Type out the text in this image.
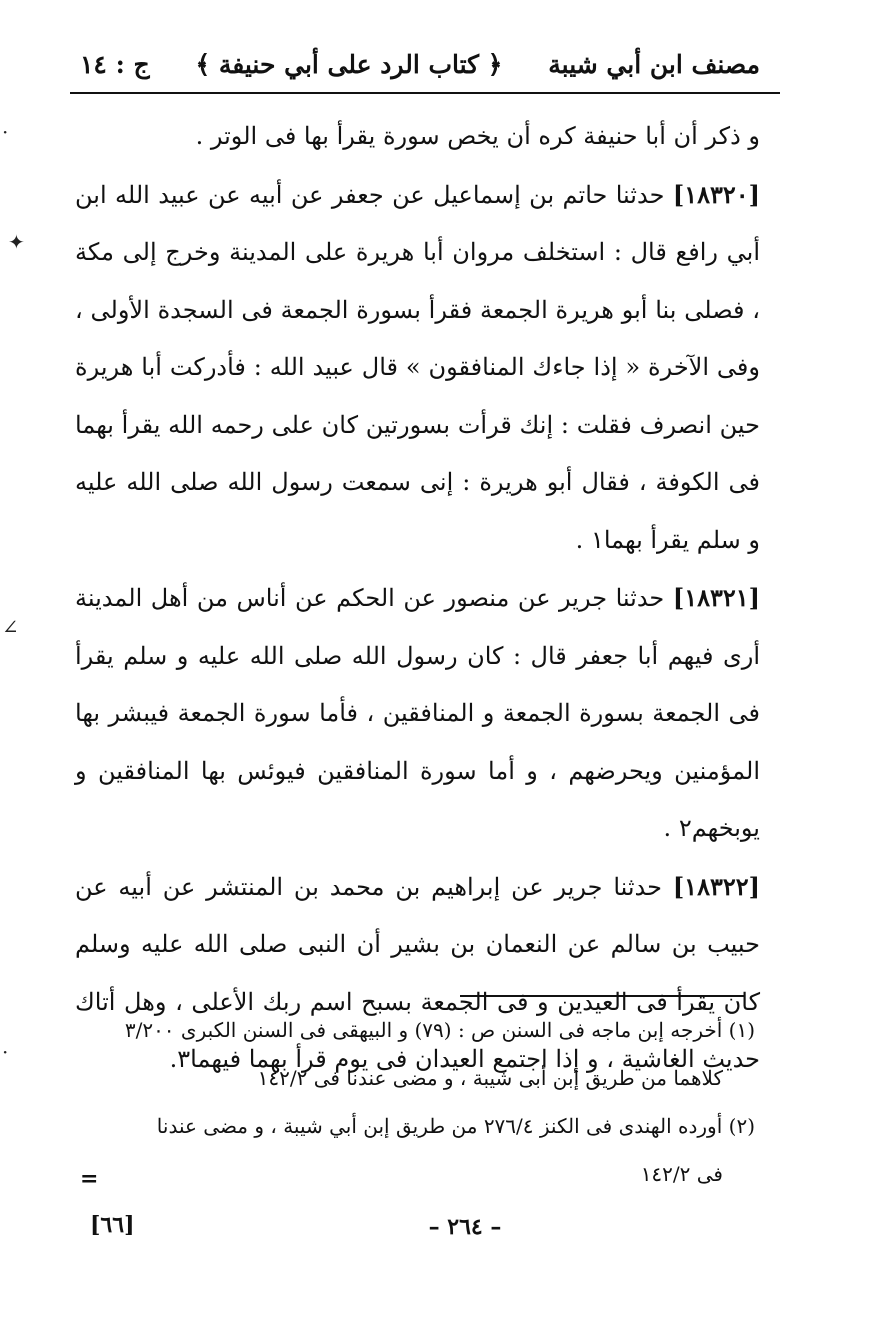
مصنف ابن أبي شيبة
﴿ كتاب الرد على أبي حنيفة ﴾
ج : ١٤

و ذكر أن أبا حنيفة كره أن يخص سورة يقرأ بها فى الوتر .

[١٨٣٢٠] حدثنا حاتم بن إسماعيل عن جعفر عن أبيه عن عبيد الله ابن أبي رافع قال : استخلف مروان أبا هريرة على المدينة وخرج إلى مكة ، فصلى بنا أبو هريرة الجمعة فقرأ بسورة الجمعة فى السجدة الأولى ، وفى الآخرة « إذا جاءك المنافقون » قال عبيد الله : فأدركت أبا هريرة حين انصرف فقلت : إنك قرأت بسورتين كان على رحمه الله يقرأ بهما فى الكوفة ، فقال أبو هريرة : إنى سمعت رسول الله صلى الله عليه و سلم يقرأ بهما١ .

[١٨٣٢١] حدثنا جرير عن منصور عن الحكم عن أناس من أهل المدينة أرى فيهم أبا جعفر قال : كان رسول الله صلى الله عليه و سلم يقرأ فى الجمعة بسورة الجمعة و المنافقين ، فأما سورة الجمعة فيبشر بها المؤمنين ويحرضهم ، و أما سورة المنافقين فيوئس بها المنافقين و يوبخهم٢ .

[١٨٣٢٢] حدثنا جرير عن إبراهيم بن محمد بن المنتشر عن أبيه عن حبيب بن سالم عن النعمان بن بشير أن النبى صلى الله عليه وسلم كان يقرأ فى العيدين و فى الجمعة بسبح اسم ربك الأعلى ، وهل أتاك حديث الغاشية ، و إذا اجتمع العيدان فى يوم قرأ بهما فيهما٣.

(١) أخرجه إبن ماجه فى السنن ص : (٧٩) و البيهقى فى السنن الكبرى ٣/٢٠٠
كلاهما من طريق إبن أبى شيبة ، و مضى عندنا فى ١٤٢/٢
(٢) أورده الهندى فى الكنز ٢٧٦/٤ من طريق إبن أبي شيبة ، و مضى عندنا
فى ١٤٢/٢
=
– ٢٦٤ –
[٦٦]
·
✦
∠
·
